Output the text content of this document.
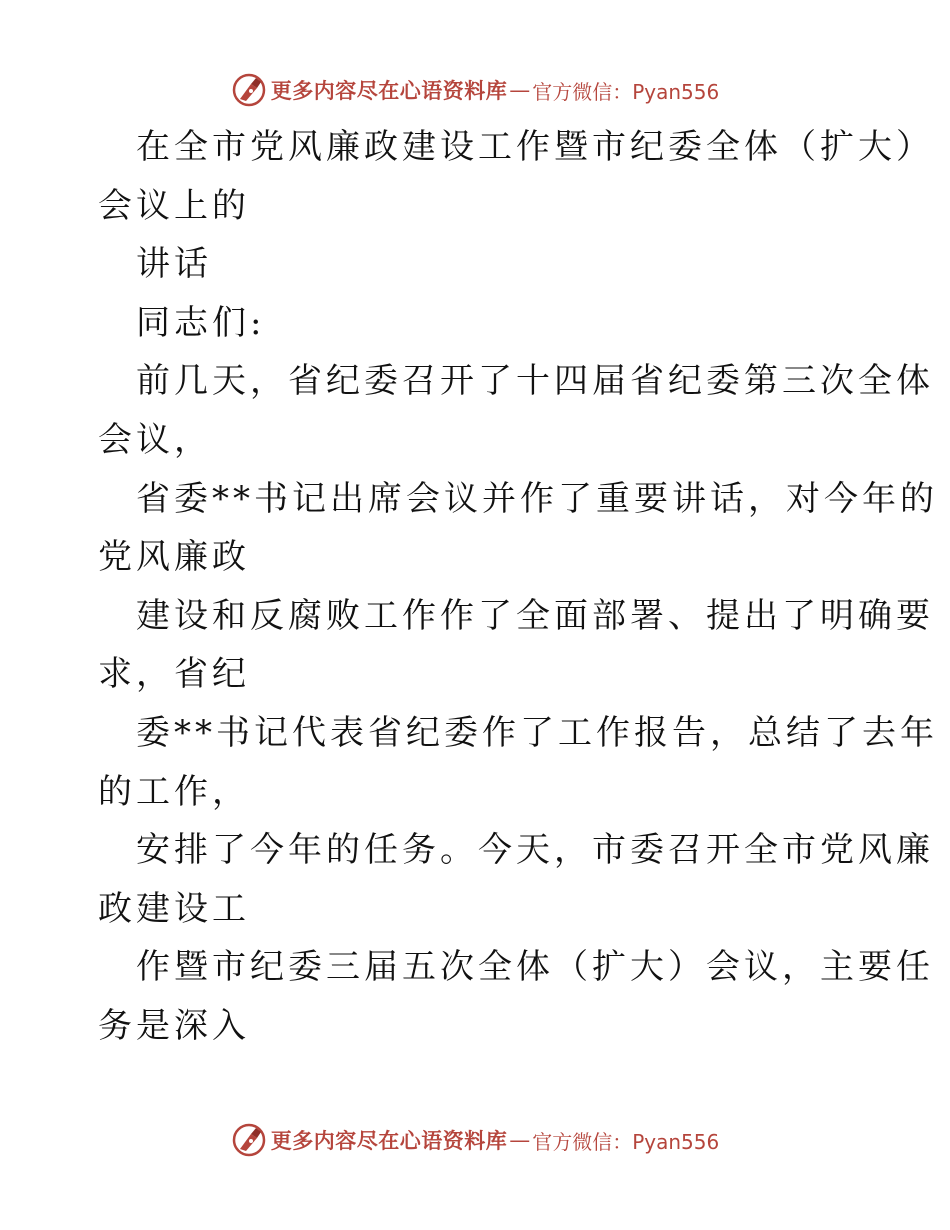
更多内容尽在心语资料库 — 官方微信：Pyan556
在全市党风廉政建设工作暨市纪委全体（扩大）
会议上的
讲话
同志们:
前几天，省纪委召开了十四届省纪委第三次全体
会议，
省委**书记出席会议并作了重要讲话，对今年的
党风廉政
建设和反腐败工作作了全面部署、提出了明确要
求，省纪
委**书记代表省纪委作了工作报告，总结了去年
的工作，
安排了今年的任务。今天，市委召开全市党风廉
政建设工
作暨市纪委三届五次全体（扩大）会议，主要任
务是深入
更多内容尽在心语资料库 — 官方微信：Pyan556
